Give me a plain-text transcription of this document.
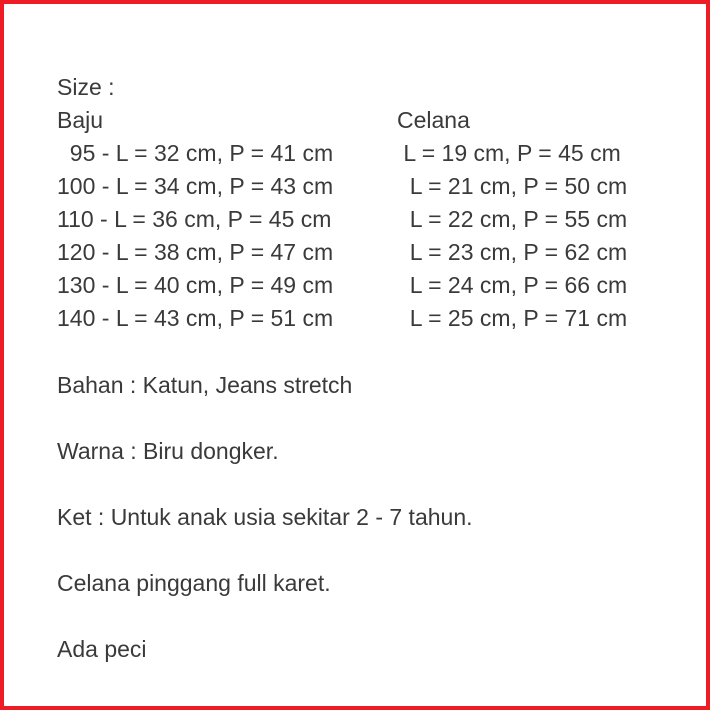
Size :
Baju	Celana
95 - L = 32 cm, P = 41 cm	L = 19 cm, P = 45 cm
100 - L = 34 cm, P = 43 cm	L = 21 cm, P = 50 cm
110 - L = 36 cm, P = 45 cm	L = 22 cm, P = 55 cm
120 - L = 38 cm, P = 47 cm	L = 23 cm, P = 62 cm
130 - L = 40 cm, P = 49 cm	L = 24 cm, P = 66 cm
140 - L = 43 cm, P = 51 cm	L = 25 cm, P = 71 cm
Bahan : Katun, Jeans stretch
Warna : Biru dongker.
Ket : Untuk anak usia sekitar 2 - 7 tahun.
Celana pinggang full karet.
Ada peci
